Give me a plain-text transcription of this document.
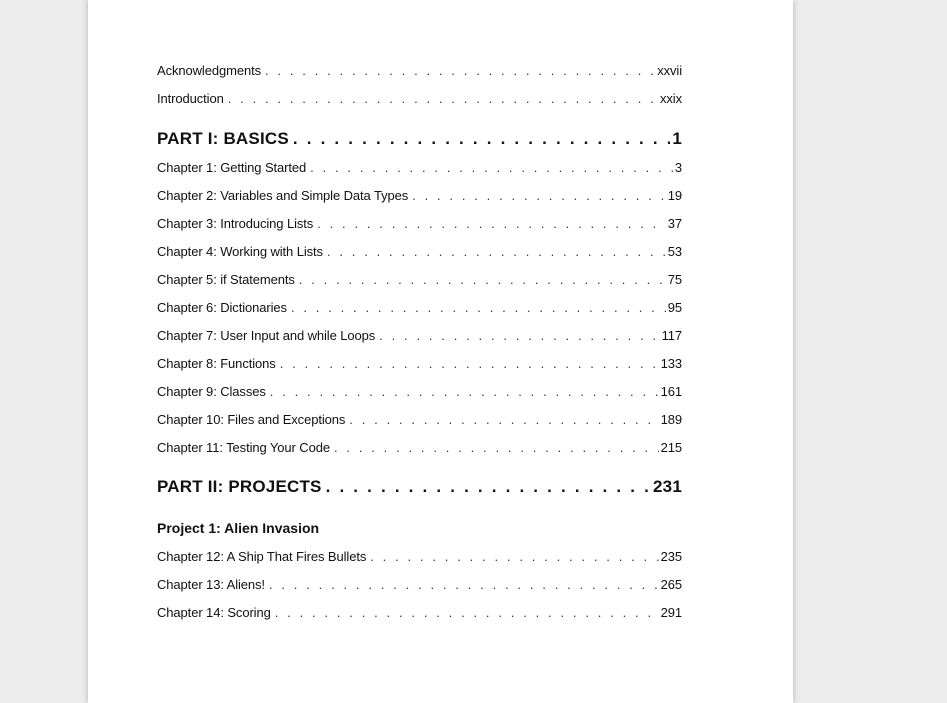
Acknowledgments . . .	xxvii
Introduction . . .	xxix
PART I: BASICS . . .	1
Chapter 1: Getting Started . . .	3
Chapter 2: Variables and Simple Data Types . . .	19
Chapter 3: Introducing Lists . . .	37
Chapter 4: Working with Lists . . .	53
Chapter 5: if Statements . . .	75
Chapter 6: Dictionaries . . .	95
Chapter 7: User Input and while Loops . . .	117
Chapter 8: Functions . . .	133
Chapter 9: Classes . . .	161
Chapter 10: Files and Exceptions . . .	189
Chapter 11: Testing Your Code . . .	215
PART II: PROJECTS . . .	231
Project 1: Alien Invasion
Chapter 12: A Ship That Fires Bullets . . .	235
Chapter 13: Aliens! . . .	265
Chapter 14: Scoring . . .	291
